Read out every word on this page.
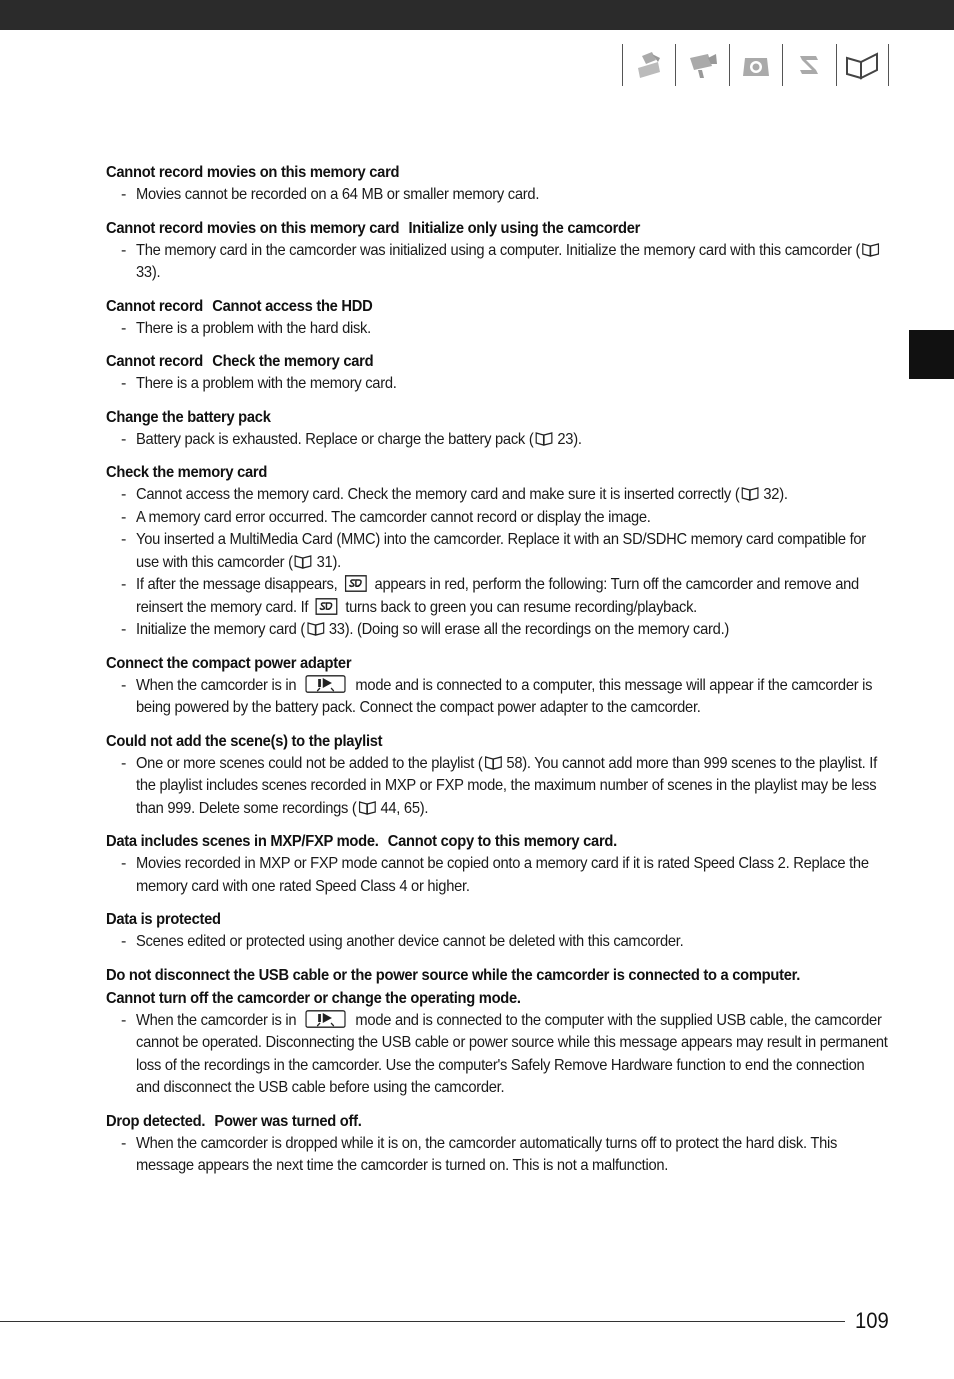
Cannot record movies on this memory card
- Movies cannot be recorded on a 64 MB or smaller memory card.
Cannot record movies on this memory card Initialize only using the camcorder
- The memory card in the camcorder was initialized using a computer. Initialize the memory card with this camcorder (33).
Cannot record Cannot access the HDD
- There is a problem with the hard disk.
Cannot record Check the memory card
- There is a problem with the memory card.
Change the battery pack
- Battery pack is exhausted. Replace or charge the battery pack ( 23).
Check the memory card
- Cannot access the memory card. Check the memory card and make sure it is inserted correctly ( 32).
- A memory card error occurred. The camcorder cannot record or display the image.
- You inserted a MultiMedia Card (MMC) into the camcorder. Replace it with an SD/SDHC memory card compatible for use with this camcorder ( 31).
- If after the message disappears,  appears in red, perform the following: Turn off the camcorder and remove and reinsert the memory card. If  turns back to green you can resume recording/playback.
- Initialize the memory card ( 33). (Doing so will erase all the recordings on the memory card.)
Connect the compact power adapter
- When the camcorder is in	mode and is connected to a computer, this message will appear if the camcorder is being powered by the battery pack. Connect the compact power adapter to the camcorder.
Could not add the scene(s) to the playlist
- One or more scenes could not be added to the playlist ( 58). You cannot add more than 999 scenes to the playlist. If the playlist includes scenes recorded in MXP or FXP mode, the maximum number of scenes in the playlist may be less than 999. Delete some recordings ( 44, 65).
Data includes scenes in MXP/FXP mode. Cannot copy to this memory card.
- Movies recorded in MXP or FXP mode cannot be copied onto a memory card if it is rated Speed Class 2. Replace the memory card with one rated Speed Class 4 or higher.
Data is protected
- Scenes edited or protected using another device cannot be deleted with this camcorder.
Do not disconnect the USB cable or the power source while the camcorder is connected to a computer.
Cannot turn off the camcorder or change the operating mode.
- When the camcorder is in	mode and is connected to the computer with the supplied USB cable, the camcorder cannot be operated. Disconnecting the USB cable or power source while this message appears may result in permanent loss of the recordings in the camcorder. Use the computer's Safely Remove Hardware function to end the connection and disconnect the USB cable before using the camcorder.
Drop detected. Power was turned off.
- When the camcorder is dropped while it is on, the camcorder automatically turns off to protect the hard disk. This message appears the next time the camcorder is turned on. This is not a malfunction.
109
